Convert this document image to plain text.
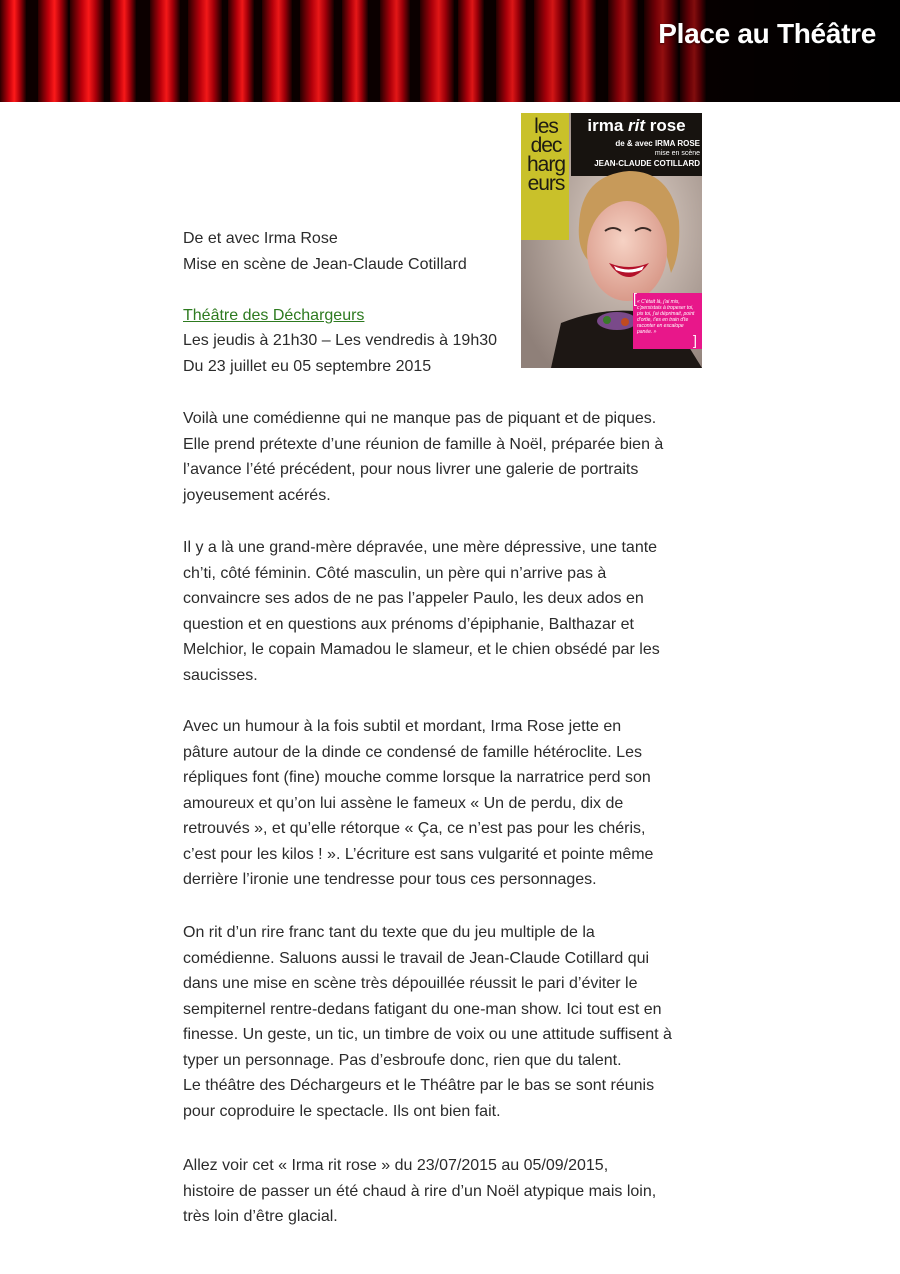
Place au Théâtre
[
]
les
dec
harg
eurs
irma rit rose
de & avec IRMA ROSE
mise en scène
JEAN-CLAUDE COTILLARD
« C'était là, j'ai mis, c'persistais à tropeser toi, pis toi, j'ai déprimait, point d'ortie, t'es en train d'te raconter en escalope panée. »
De et avec Irma Rose
Mise en scène de Jean-Claude Cotillard
Théâtre des Déchargeurs
Les jeudis à 21h30 – Les vendredis à 19h30
Du 23 juillet eu 05 septembre 2015
Voilà une comédienne qui ne manque pas de piquant et de piques.
Elle prend prétexte d’une réunion de famille à Noël, préparée bien à
l’avance l’été précédent, pour nous livrer une galerie de portraits
joyeusement acérés.
Il y a là une grand-mère dépravée, une mère dépressive, une tante
ch’ti, côté féminin. Côté masculin, un père qui n’arrive pas à
convaincre ses ados de ne pas l’appeler Paulo, les deux ados en
question et en questions aux prénoms d’épiphanie, Balthazar et
Melchior, le copain Mamadou le slameur, et le chien obsédé par les
saucisses.
Avec un humour à la fois subtil et mordant, Irma Rose jette en
pâture autour de la dinde ce condensé de famille hétéroclite. Les
répliques font (fine) mouche comme lorsque la narratrice perd son
amoureux et qu’on lui assène le fameux « Un de perdu, dix de
retrouvés », et qu’elle rétorque « Ça, ce n’est pas pour les chéris,
c’est pour les kilos ! ». L’écriture est sans vulgarité et pointe même
derrière l’ironie une tendresse pour tous ces personnages.
On rit d’un rire franc tant du texte que du jeu multiple de la
comédienne. Saluons aussi le travail de Jean-Claude Cotillard qui
dans une mise en scène très dépouillée réussit le pari d’éviter le
sempiternel rentre-dedans fatigant du one-man show. Ici tout est en
finesse. Un geste, un tic, un timbre de voix ou une attitude suffisent à
typer un personnage. Pas d’esbroufe donc, rien que du talent.
Le théâtre des Déchargeurs et le Théâtre par le bas se sont réunis
pour coproduire le spectacle. Ils ont bien fait.
Allez voir cet « Irma rit rose » du 23/07/2015 au 05/09/2015,
histoire de passer un été chaud à rire d’un Noël atypique mais loin,
très loin d’être glacial.
